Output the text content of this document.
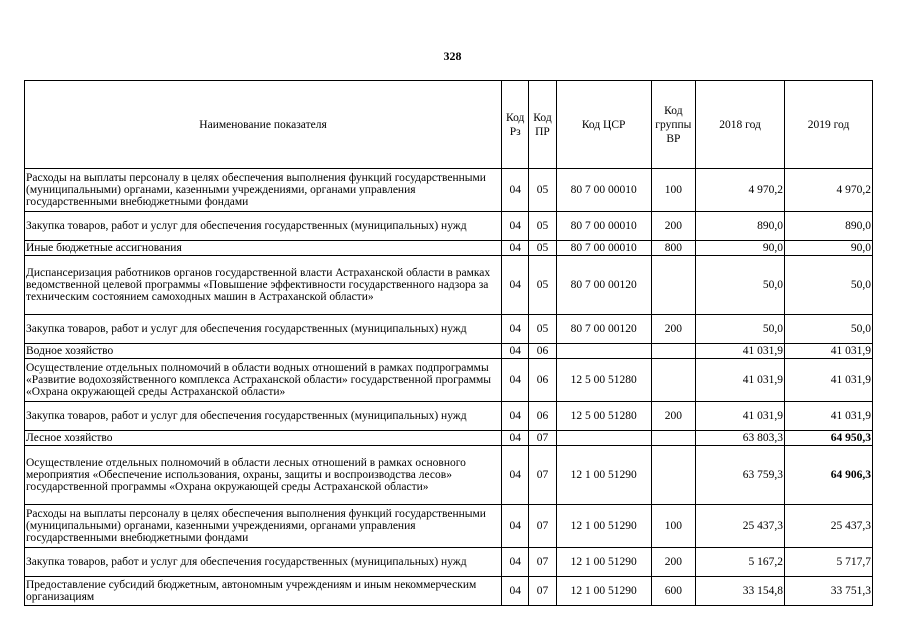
328
Наименование показателя	Код Рз	Код ПР	Код ЦСР	Код группы ВР	2018 год	2019 год
Расходы на выплаты персоналу в целях обеспечения выполнения функций государственными (муниципальными) органами, казенными учреждениями, органами управления государственными внебюджетными фондами	04	05	80 7 00 00010	100	4 970,2	4 970,2
Закупка товаров, работ и услуг для обеспечения государственных (муниципальных) нужд	04	05	80 7 00 00010	200	890,0	890,0
Иные бюджетные ассигнования	04	05	80 7 00 00010	800	90,0	90,0
Диспансеризация работников органов государственной власти Астраханской области в рамках ведомственной целевой программы «Повышение эффективности государственного надзора за техническим состоянием самоходных машин в Астраханской области»	04	05	80 7 00 00120		50,0	50,0
Закупка товаров, работ и услуг для обеспечения государственных (муниципальных) нужд	04	05	80 7 00 00120	200	50,0	50,0
Водное хозяйство	04	06			41 031,9	41 031,9
Осуществление отдельных полномочий в области водных отношений в рамках подпрограммы «Развитие водохозяйственного комплекса Астраханской области» государственной программы «Охрана окружающей среды Астраханской области»	04	06	12 5 00 51280		41 031,9	41 031,9
Закупка товаров, работ и услуг для обеспечения государственных (муниципальных) нужд	04	06	12 5 00 51280	200	41 031,9	41 031,9
Лесное хозяйство	04	07			63 803,3	64 950,3
Осуществление отдельных полномочий в области лесных отношений в рамках основного мероприятия «Обеспечение использования, охраны, защиты и воспроизводства лесов» государственной программы «Охрана окружающей среды Астраханской области»	04	07	12 1 00 51290		63 759,3	64 906,3
Расходы на выплаты персоналу в целях обеспечения выполнения функций государственными (муниципальными) органами, казенными учреждениями, органами управления государственными внебюджетными фондами	04	07	12 1 00 51290	100	25 437,3	25 437,3
Закупка товаров, работ и услуг для обеспечения государственных (муниципальных) нужд	04	07	12 1 00 51290	200	5 167,2	5 717,7
Предоставление субсидий бюджетным, автономным учреждениям и иным некоммерческим организациям	04	07	12 1 00 51290	600	33 154,8	33 751,3
